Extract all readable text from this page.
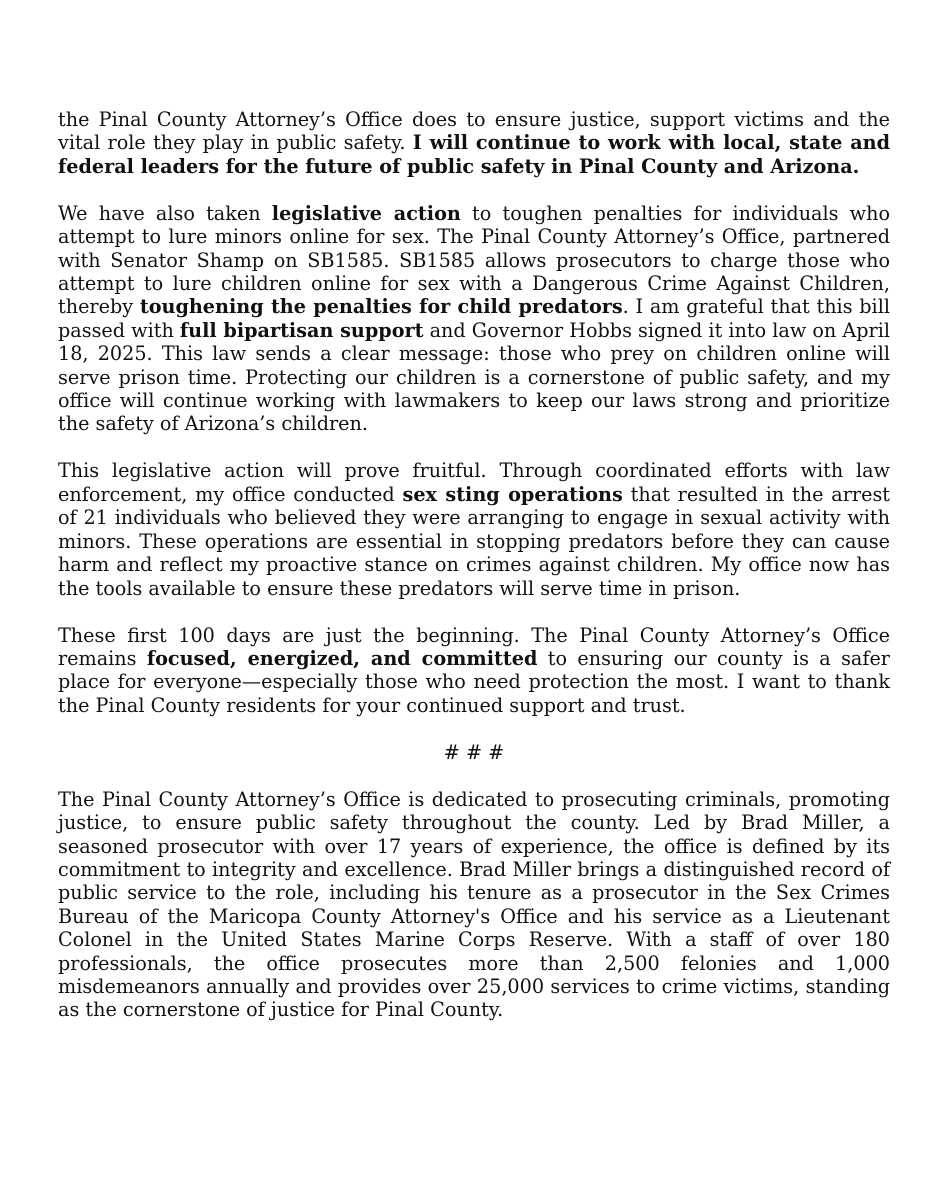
the Pinal County Attorney’s Office does to ensure justice, support victims and the vital role they play in public safety. I will continue to work with local, state and federal leaders for the future of public safety in Pinal County and Arizona.

We have also taken legislative action to toughen penalties for individuals who attempt to lure minors online for sex. The Pinal County Attorney’s Office, partnered with Senator Shamp on SB1585. SB1585 allows prosecutors to charge those who attempt to lure children online for sex with a Dangerous Crime Against Children, thereby toughening the penalties for child predators. I am grateful that this bill passed with full bipartisan support and Governor Hobbs signed it into law on April 18, 2025. This law sends a clear message: those who prey on children online will serve prison time. Protecting our children is a cornerstone of public safety, and my office will continue working with lawmakers to keep our laws strong and prioritize the safety of Arizona’s children.

This legislative action will prove fruitful. Through coordinated efforts with law enforcement, my office conducted sex sting operations that resulted in the arrest of 21 individuals who believed they were arranging to engage in sexual activity with minors. These operations are essential in stopping predators before they can cause harm and reflect my proactive stance on crimes against children. My office now has the tools available to ensure these predators will serve time in prison.

These first 100 days are just the beginning. The Pinal County Attorney’s Office remains focused, energized, and committed to ensuring our county is a safer place for everyone—especially those who need protection the most. I want to thank the Pinal County residents for your continued support and trust.

# # #

The Pinal County Attorney’s Office is dedicated to prosecuting criminals, promoting justice, to ensure public safety throughout the county. Led by Brad Miller, a seasoned prosecutor with over 17 years of experience, the office is defined by its commitment to integrity and excellence. Brad Miller brings a distinguished record of public service to the role, including his tenure as a prosecutor in the Sex Crimes Bureau of the Maricopa County Attorney's Office and his service as a Lieutenant Colonel in the United States Marine Corps Reserve. With a staff of over 180 professionals, the office prosecutes more than 2,500 felonies and 1,000 misdemeanors annually and provides over 25,000 services to crime victims, standing as the cornerstone of justice for Pinal County.
